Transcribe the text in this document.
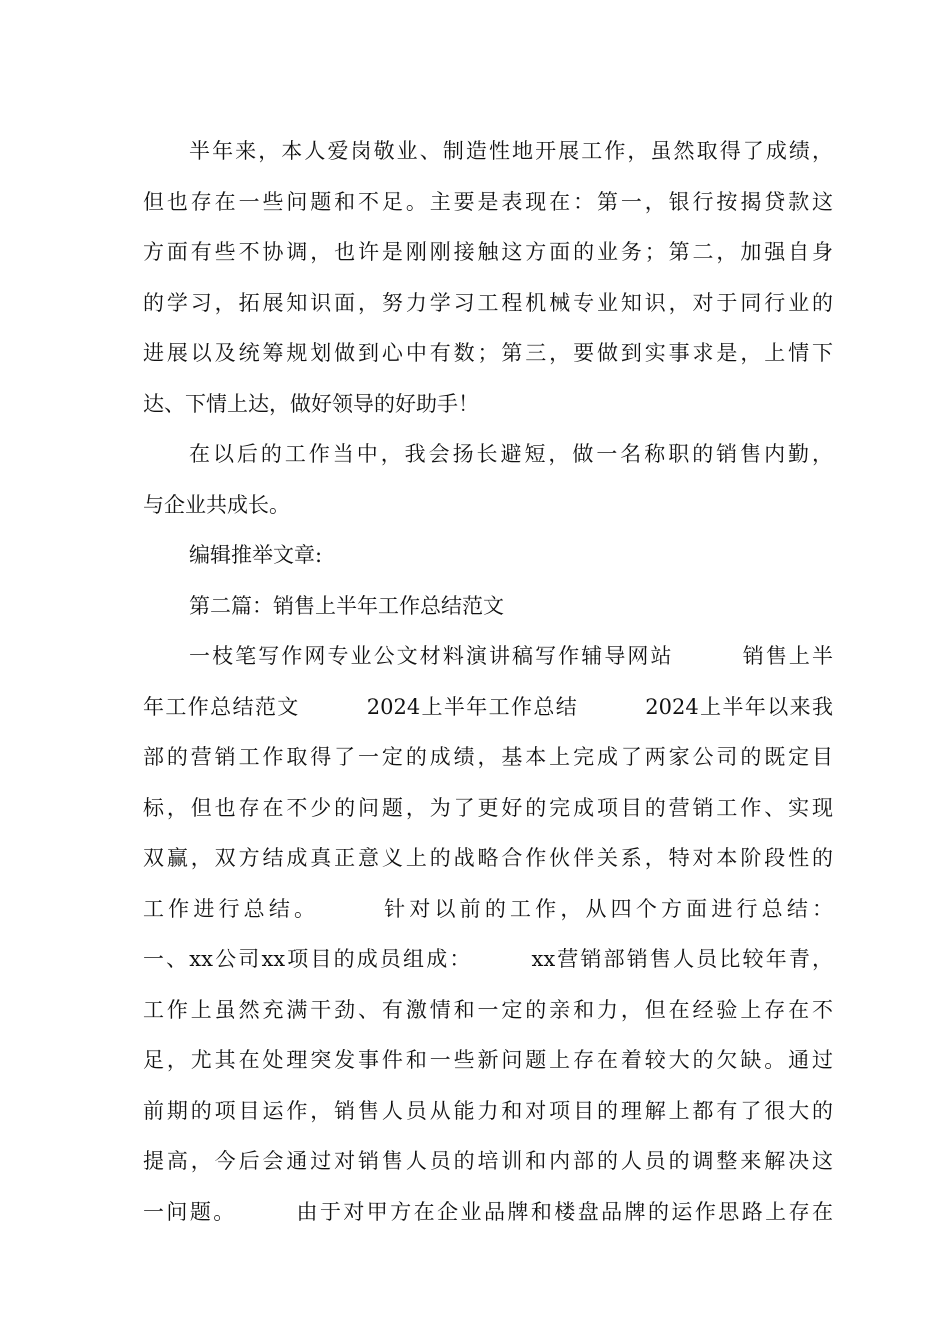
半年来，本人爱岗敬业、制造性地开展工作，虽然取得了成绩，
但也存在一些问题和不足。主要是表现在：第一，银行按揭贷款这
方面有些不协调，也许是刚刚接触这方面的业务；第二，加强自身
的学习，拓展知识面，努力学习工程机械专业知识，对于同行业的
进展以及统筹规划做到心中有数；第三，要做到实事求是，上情下
达、下情上达，做好领导的好助手！
在以后的工作当中，我会扬长避短，做一名称职的销售内勤，
与企业共成长。
编辑推举文章:
第二篇：销售上半年工作总结范文
一枝笔写作网专业公文材料演讲稿写作辅导网站　　　销售上半
年工作总结范文　　　2024上半年工作总结　　　2024上半年以来我
部的营销工作取得了一定的成绩，基本上完成了两家公司的既定目
标，但也存在不少的问题，为了更好的完成项目的营销工作、实现
双赢，双方结成真正意义上的战略合作伙伴关系，特对本阶段性的
工作进行总结。　　　针对以前的工作，从四个方面进行总结：
一、xx公司xx项目的成员组成：　　　xx营销部销售人员比较年青，
工作上虽然充满干劲、有激情和一定的亲和力，但在经验上存在不
足，尤其在处理突发事件和一些新问题上存在着较大的欠缺。通过
前期的项目运作，销售人员从能力和对项目的理解上都有了很大的
提高，今后会通过对销售人员的培训和内部的人员的调整来解决这
一问题。　　　由于对甲方在企业品牌和楼盘品牌的运作思路上存在
